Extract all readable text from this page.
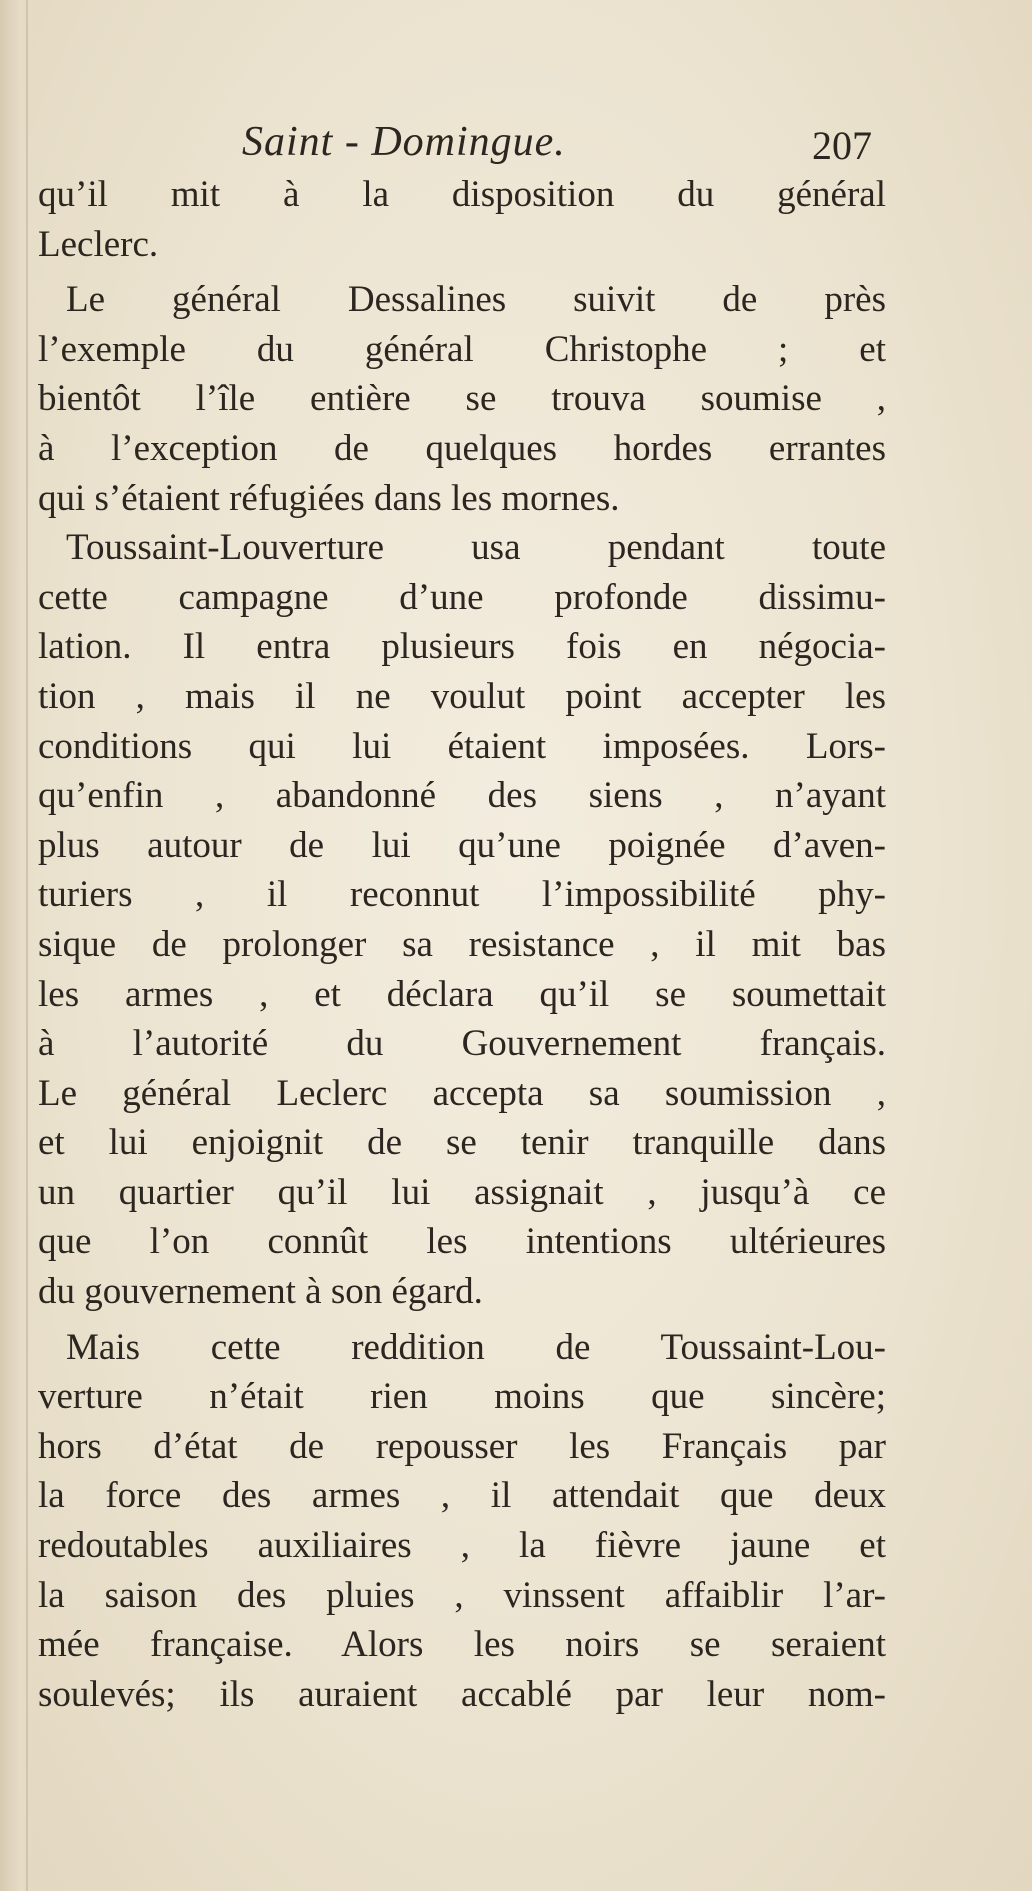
Saint - Domingue.	207
qu’il mit à la disposition du général
Leclerc.
Le général Dessalines suivit de près
l’exemple du général Christophe ; et
bientôt l’île entière se trouva soumise ,
à l’exception de quelques hordes errantes
qui s’étaient réfugiées dans les mornes.
Toussaint-Louverture usa pendant toute
cette campagne d’une profonde dissimu-
lation. Il entra plusieurs fois en négocia-
tion , mais il ne voulut point accepter les
conditions qui lui étaient imposées. Lors-
qu’enfin , abandonné des siens , n’ayant
plus autour de lui qu’une poignée d’aven-
turiers , il reconnut l’impossibilité phy-
sique de prolonger sa resistance , il mit bas
les armes , et déclara qu’il se soumettait
à l’autorité du Gouvernement français.
Le général Leclerc accepta sa soumission ,
et lui enjoignit de se tenir tranquille dans
un quartier qu’il lui assignait , jusqu’à ce
que l’on connût les intentions ultérieures
du gouvernement à son égard.
Mais cette reddition de Toussaint-Lou-
verture n’était rien moins que sincère;
hors d’état de repousser les Français par
la force des armes , il attendait que deux
redoutables auxiliaires , la fièvre jaune et
la saison des pluies , vinssent affaiblir l’ar-
mée française. Alors les noirs se seraient
soulevés; ils auraient accablé par leur nom-
